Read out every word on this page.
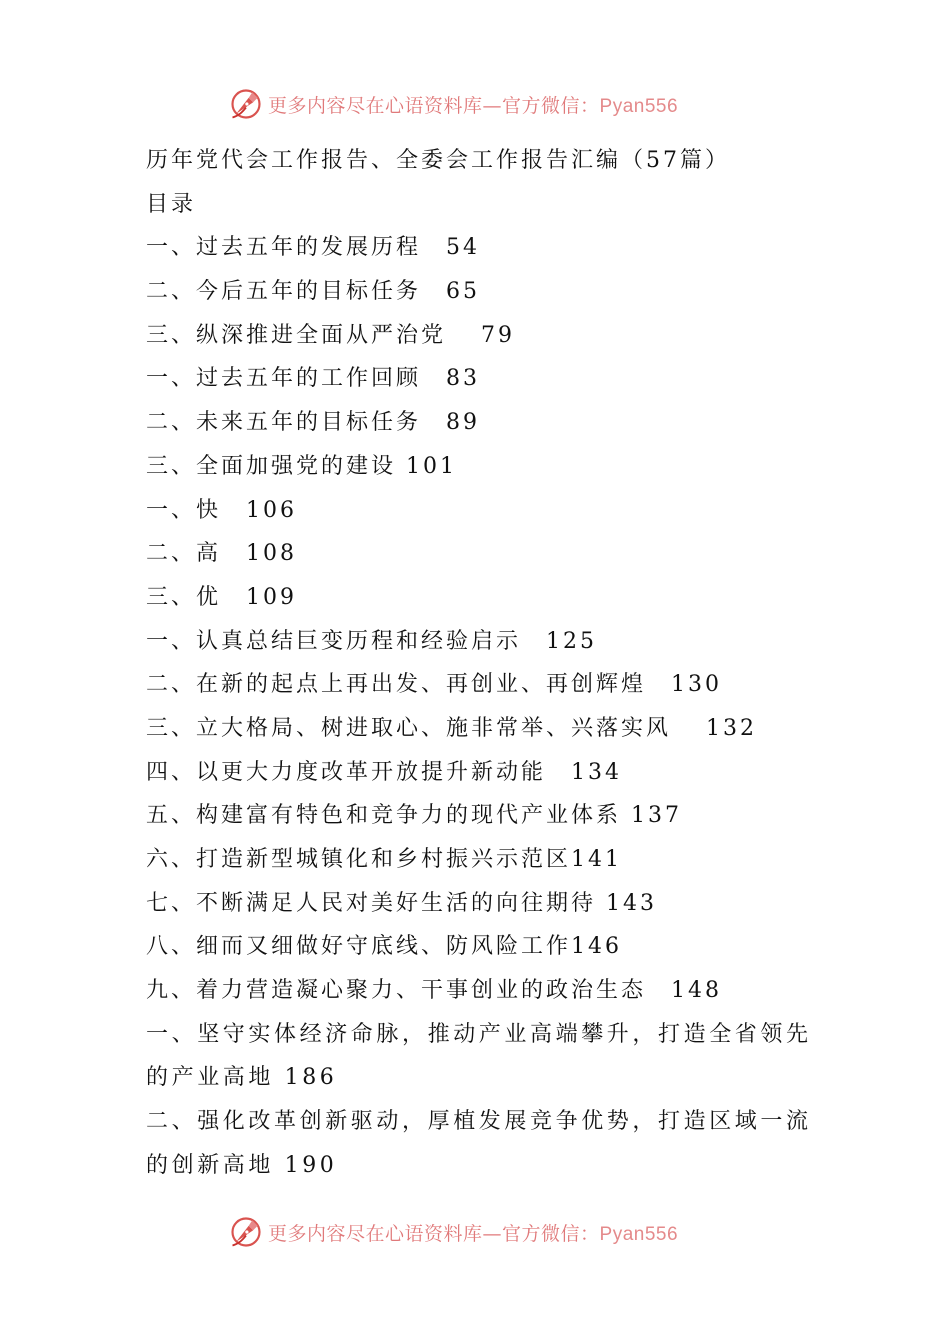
更多内容尽在心语资料库—官方微信：Pyan556
历年党代会工作报告、全委会工作报告汇编（57篇）
目录
一、过去五年的发展历程　54
二、今后五年的目标任务　65
三、纵深推进全面从严治党　 79
一、过去五年的工作回顾　83
二、未来五年的目标任务　89
三、全面加强党的建设 101
一、快　106
二、高　108
三、优　109
一、认真总结巨变历程和经验启示　125
二、在新的起点上再出发、再创业、再创辉煌　130
三、立大格局、树进取心、施非常举、兴落实风　 132
四、以更大力度改革开放提升新动能　134
五、构建富有特色和竞争力的现代产业体系 137
六、打造新型城镇化和乡村振兴示范区141
七、不断满足人民对美好生活的向往期待 143
八、细而又细做好守底线、防风险工作146
九、着力营造凝心聚力、干事创业的政治生态　148
一、坚守实体经济命脉，推动产业高端攀升，打造全省领先的产业高地 186
二、强化改革创新驱动，厚植发展竞争优势，打造区域一流的创新高地 190
更多内容尽在心语资料库—官方微信：Pyan556
